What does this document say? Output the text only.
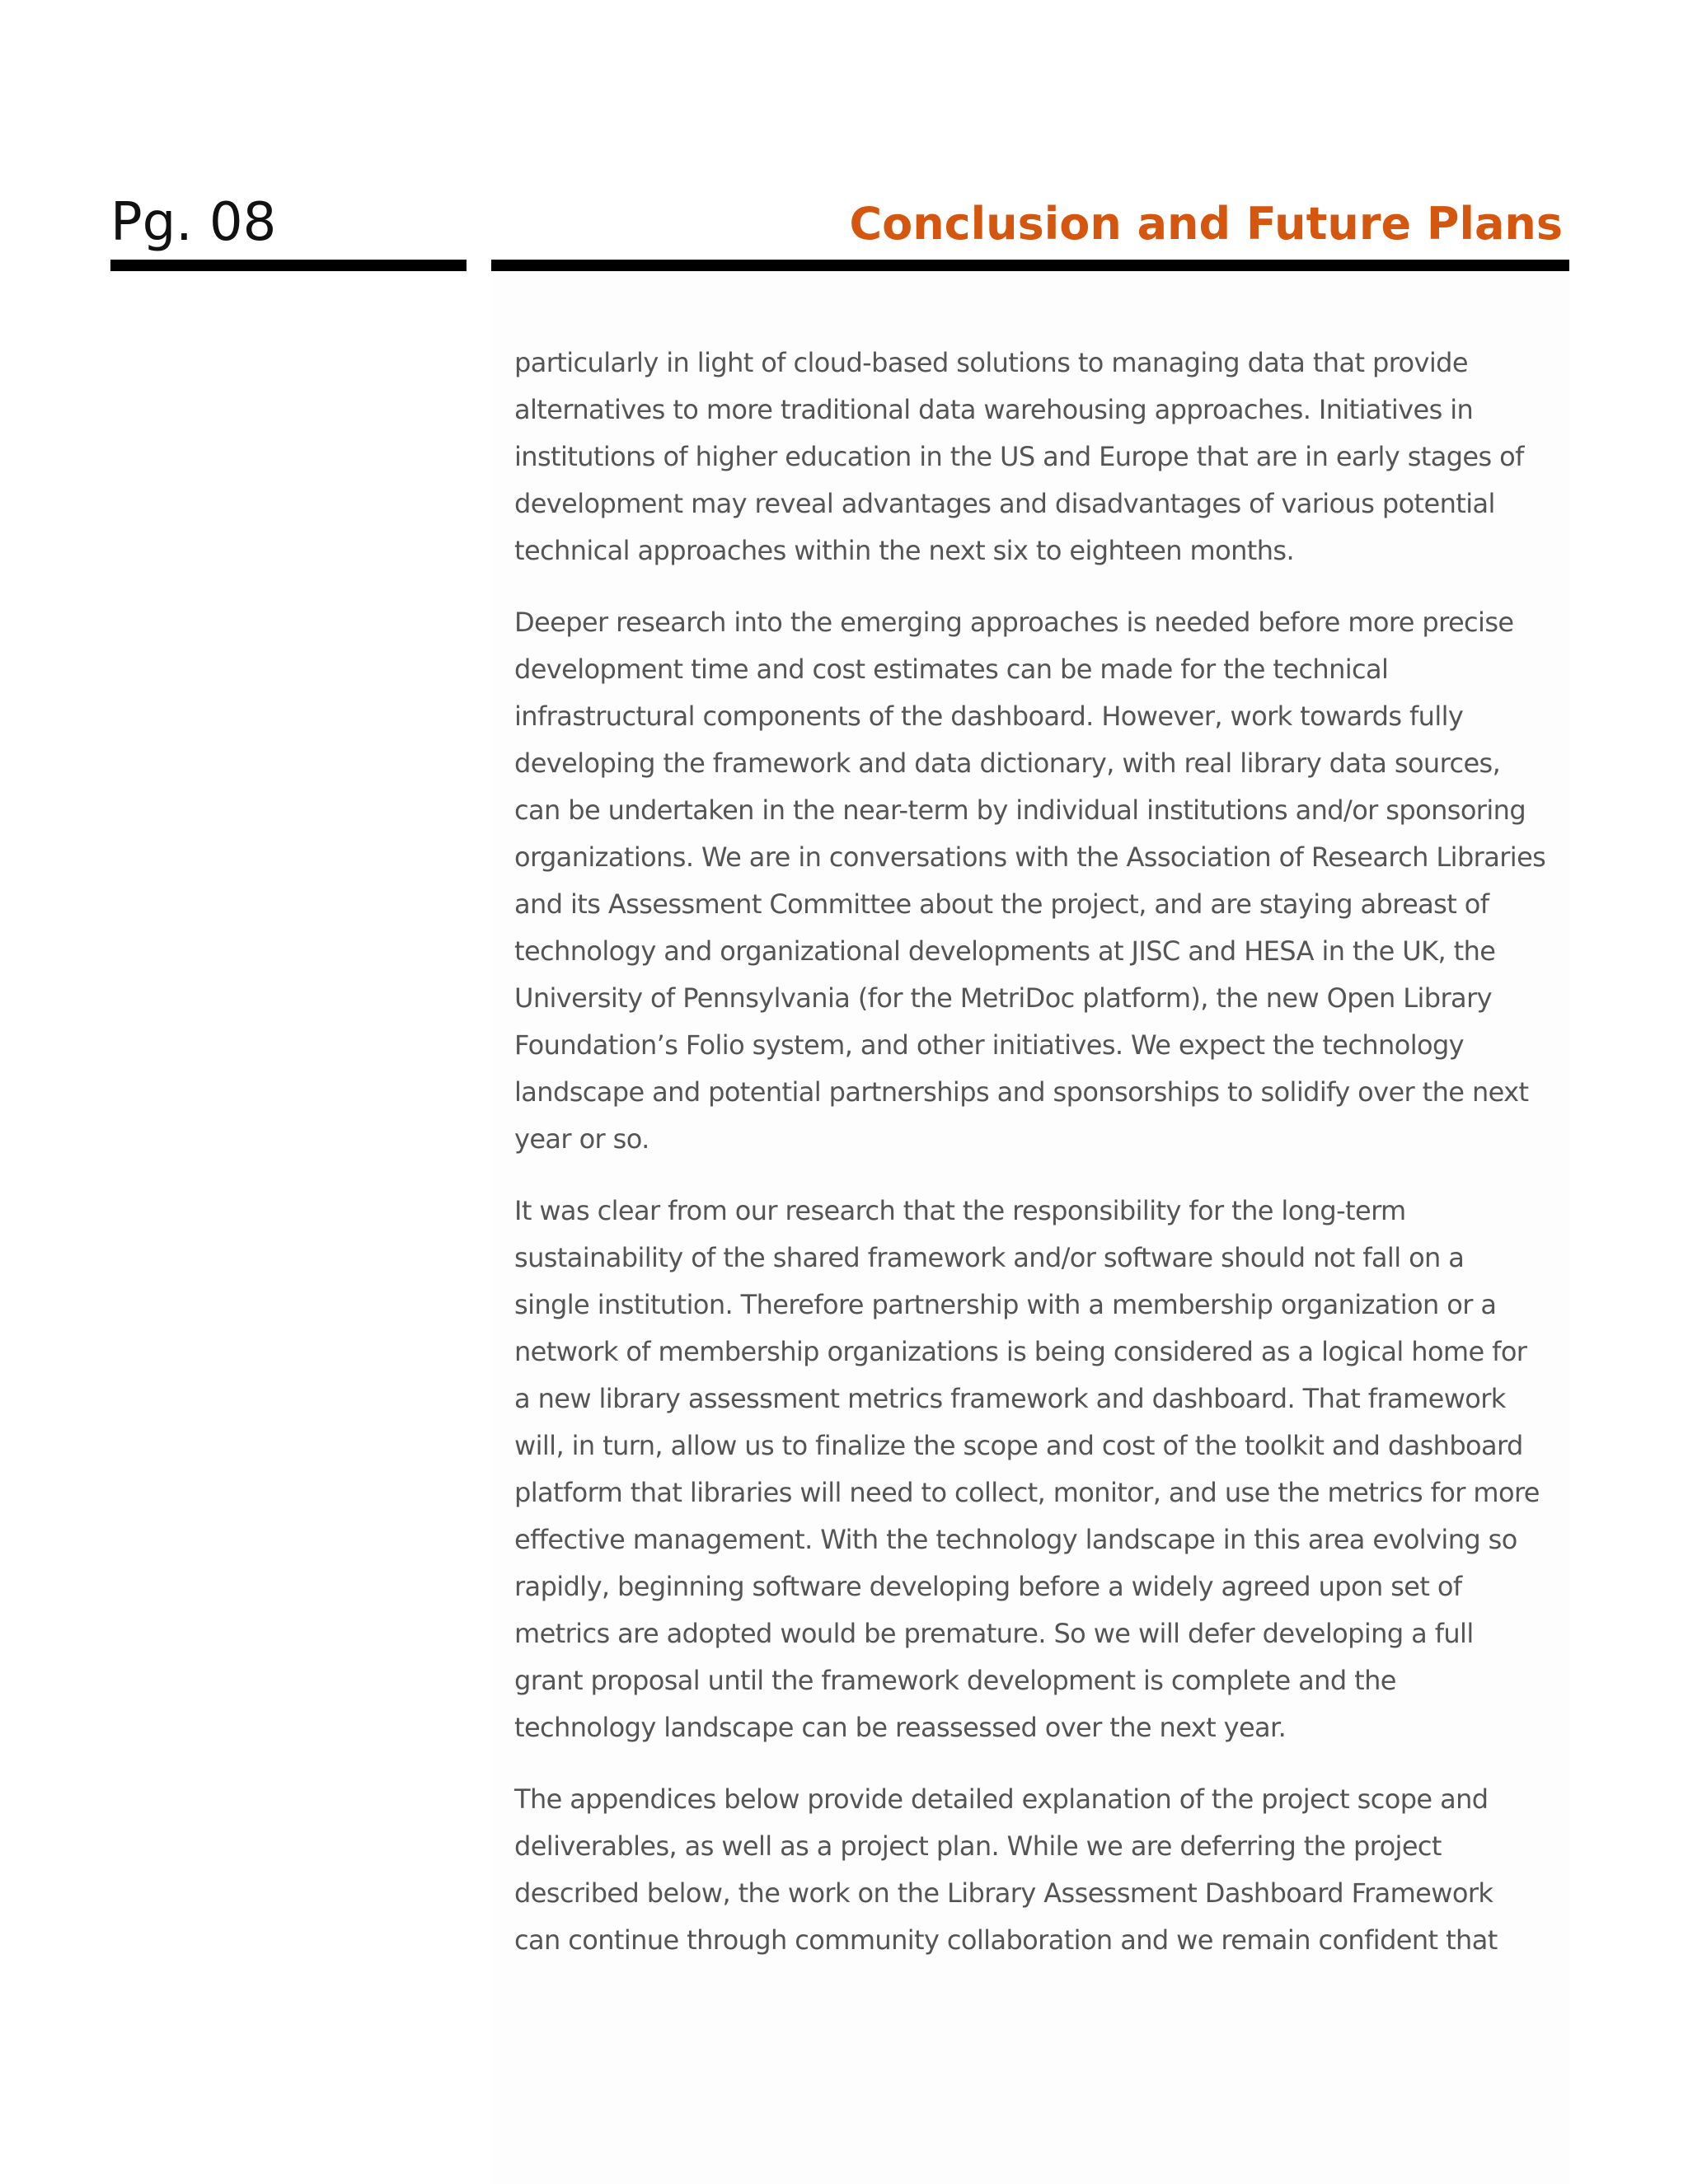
Pg. 08	Conclusion and Future Plans

particularly in light of cloud-based solutions to managing data that provide
alternatives to more traditional data warehousing approaches. Initiatives in
institutions of higher education in the US and Europe that are in early stages of
development may reveal advantages and disadvantages of various potential
technical approaches within the next six to eighteen months.

Deeper research into the emerging approaches is needed before more precise
development time and cost estimates can be made for the technical
infrastructural components of the dashboard. However, work towards fully
developing the framework and data dictionary, with real library data sources,
can be undertaken in the near-term by individual institutions and/or sponsoring
organizations. We are in conversations with the Association of Research Libraries
and its Assessment Committee about the project, and are staying abreast of
technology and organizational developments at JISC and HESA in the UK, the
University of Pennsylvania (for the MetriDoc platform), the new Open Library
Foundation’s Folio system, and other initiatives. We expect the technology
landscape and potential partnerships and sponsorships to solidify over the next
year or so.

It was clear from our research that the responsibility for the long-term
sustainability of the shared framework and/or software should not fall on a
single institution. Therefore partnership with a membership organization or a
network of membership organizations is being considered as a logical home for
a new library assessment metrics framework and dashboard. That framework
will, in turn, allow us to finalize the scope and cost of the toolkit and dashboard
platform that libraries will need to collect, monitor, and use the metrics for more
effective management. With the technology landscape in this area evolving so
rapidly, beginning software developing before a widely agreed upon set of
metrics are adopted would be premature. So we will defer developing a full
grant proposal until the framework development is complete and the
technology landscape can be reassessed over the next year.

The appendices below provide detailed explanation of the project scope and
deliverables, as well as a project plan. While we are deferring the project
described below, the work on the Library Assessment Dashboard Framework
can continue through community collaboration and we remain confident that
